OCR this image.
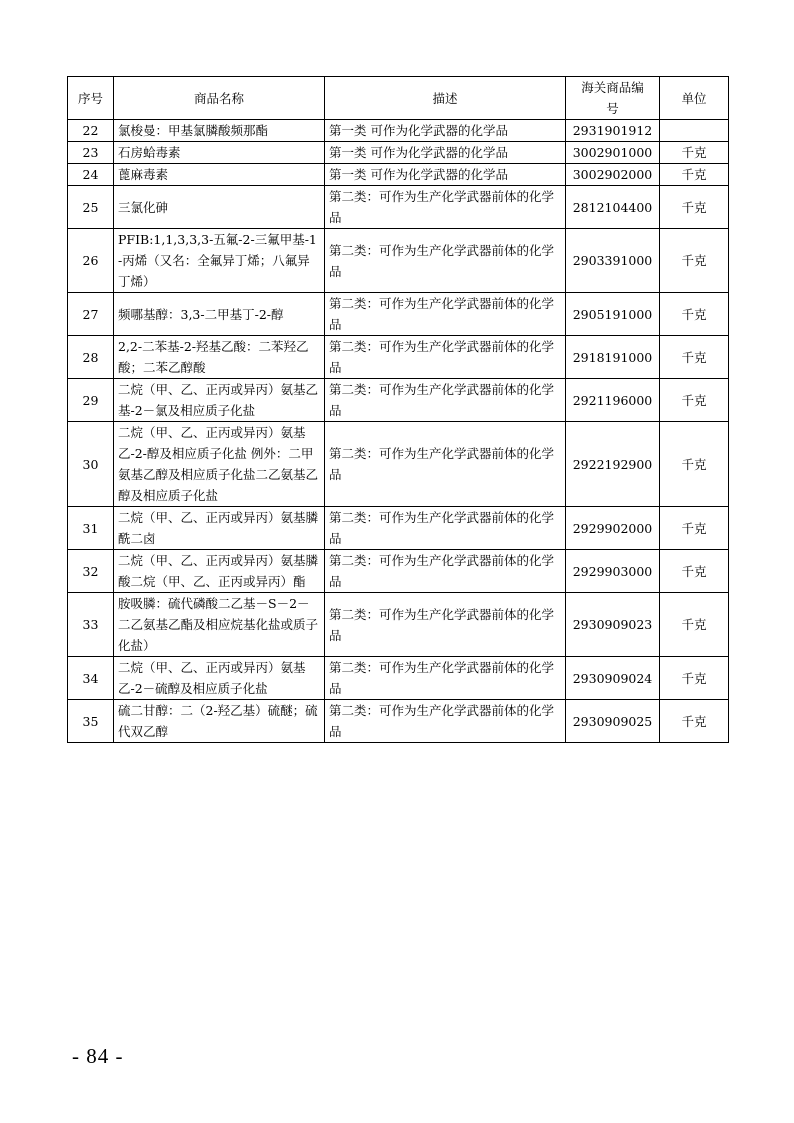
序号	商品名称	描述	海关商品编号	单位
22	氯梭曼：甲基氯膦酸频那酯	第一类 可作为化学武器的化学品	2931901912	
23	石房蛤毒素	第一类 可作为化学武器的化学品	3002901000	千克
24	蓖麻毒素	第一类 可作为化学武器的化学品	3002902000	千克
25	三氯化砷	第二类：可作为生产化学武器前体的化学品	2812104400	千克
26	PFIB:1,1,3,3,3-五氟-2-三氟甲基-1-丙烯（又名：全氟异丁烯；八氟异丁烯）	第二类：可作为生产化学武器前体的化学品	2903391000	千克
27	频哪基醇：3,3-二甲基丁-2-醇	第二类：可作为生产化学武器前体的化学品	2905191000	千克
28	2,2-二苯基-2-羟基乙酸：二苯羟乙酸；二苯乙醇酸	第二类：可作为生产化学武器前体的化学品	2918191000	千克
29	二烷（甲、乙、正丙或异丙）氨基乙基-2－氯及相应质子化盐	第二类：可作为生产化学武器前体的化学品	2921196000	千克
30	二烷（甲、乙、正丙或异丙）氨基乙-2-醇及相应质子化盐 例外：二甲氨基乙醇及相应质子化盐二乙氨基乙醇及相应质子化盐	第二类：可作为生产化学武器前体的化学品	2922192900	千克
31	二烷（甲、乙、正丙或异丙）氨基膦酰二卤	第二类：可作为生产化学武器前体的化学品	2929902000	千克
32	二烷（甲、乙、正丙或异丙）氨基膦酸二烷（甲、乙、正丙或异丙）酯	第二类：可作为生产化学武器前体的化学品	2929903000	千克
33	胺吸膦：硫代磷酸二乙基－S－2－二乙氨基乙酯及相应烷基化盐或质子化盐）	第二类：可作为生产化学武器前体的化学品	2930909023	千克
34	二烷（甲、乙、正丙或异丙）氨基乙-2－硫醇及相应质子化盐	第二类：可作为生产化学武器前体的化学品	2930909024	千克
35	硫二甘醇：二（2-羟乙基）硫醚；硫代双乙醇	第二类：可作为生产化学武器前体的化学品	2930909025	千克
- 84 -
